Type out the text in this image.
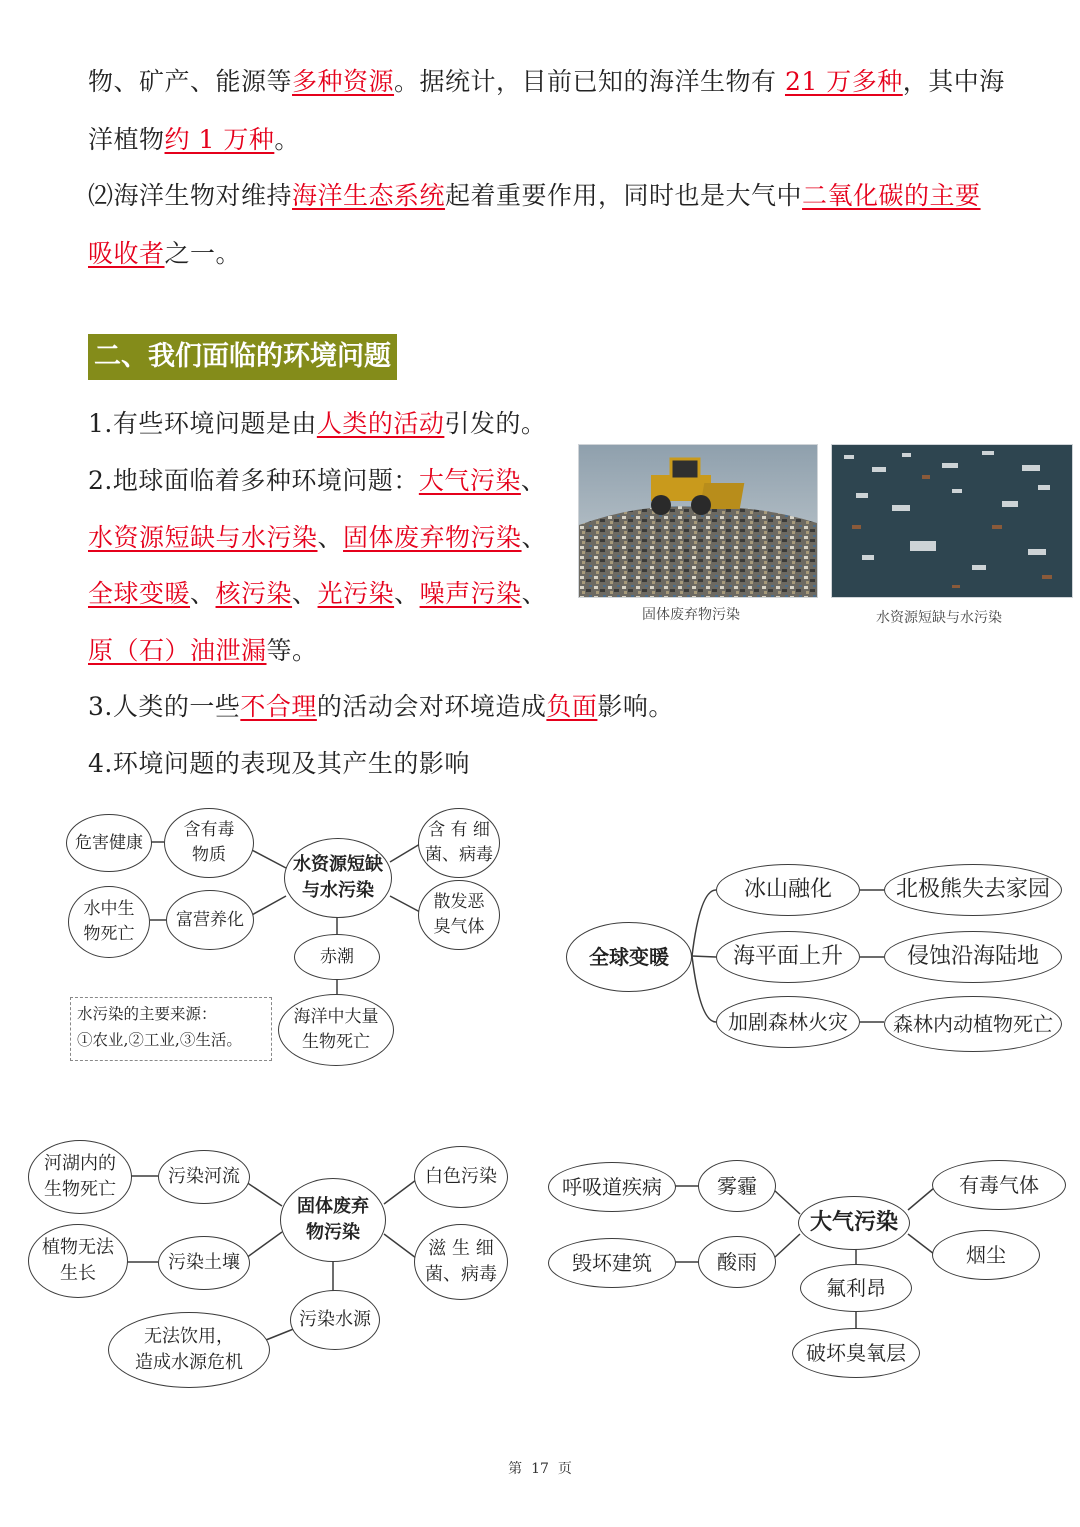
物、矿产、能源等多种资源。据统计，目前已知的海洋生物有 21 万多种，其中海
洋植物约 1 万种。
⑵海洋生物对维持海洋生态系统起着重要作用，同时也是大气中二氧化碳的主要
吸收者之一。
二、我们面临的环境问题
1.有些环境问题是由人类的活动引发的。
2.地球面临着多种环境问题：大气污染、
水资源短缺与水污染、固体废弃物污染、
全球变暖、核污染、光污染、噪声污染、
原（石）油泄漏等。
3.人类的一些不合理的活动会对环境造成负面影响。
4.环境问题的表现及其产生的影响
固体废弃物污染	水资源短缺与水污染
危害健康
含有毒
物质	水资源短缺
与水污染
水中生
物死亡
富营养化
含 有 细
菌、病毒
散发恶
臭气体
赤潮
海洋中大量
生物死亡
水污染的主要来源：
①农业,②工业,③生活。
全球变暖
冰山融化	北极熊失去家园
海平面上升	侵蚀沿海陆地
加剧森林火灾	森林内动植物死亡
河湖内的
生物死亡
污染河流
固体废弃
物污染
植物无法
生长
污染土壤
白色污染
滋 生 细
菌、病毒
污染水源
无法饮用，
造成水源危机
呼吸道疾病	雾霾
大气污染
毁坏建筑	酸雨
有毒气体
烟尘
氟利昂
破坏臭氧层
第 17 页
